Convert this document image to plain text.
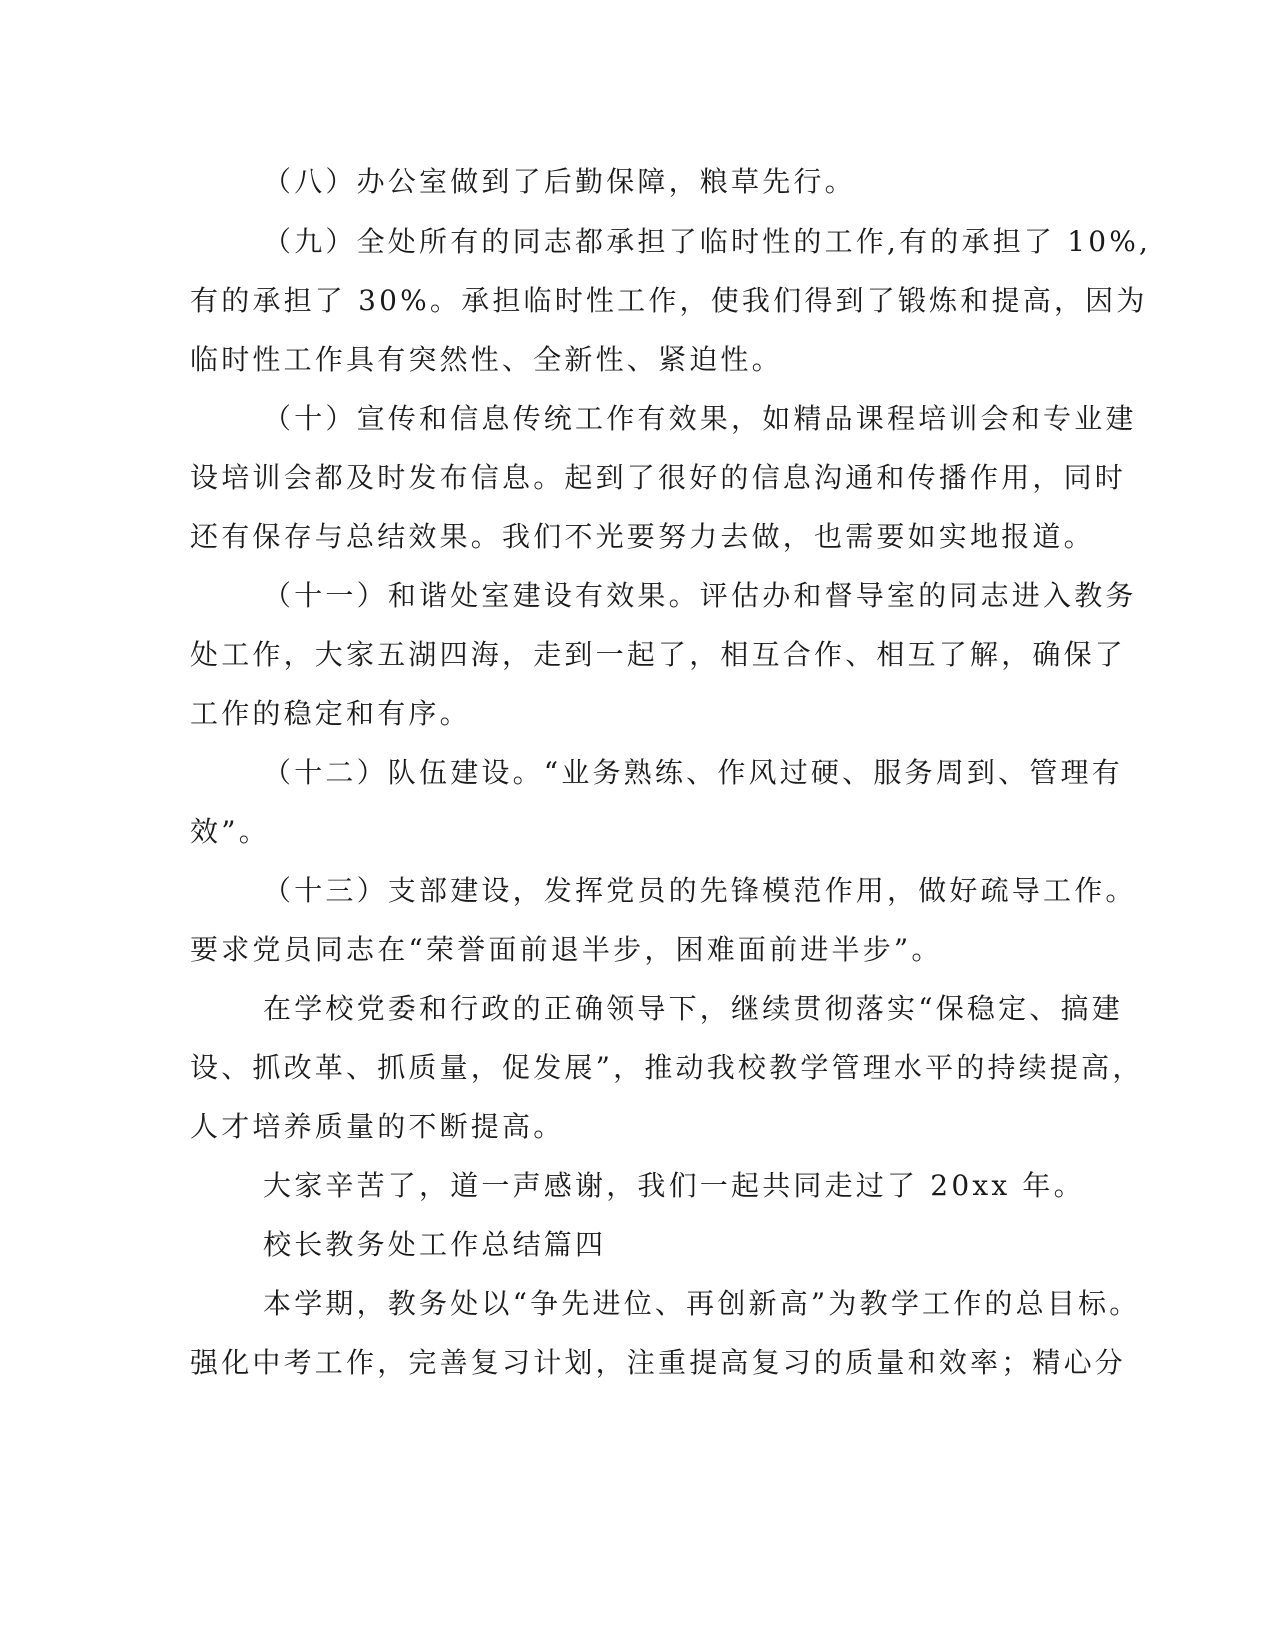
（八）办公室做到了后勤保障，粮草先行。
（九）全处所有的同志都承担了临时性的工作,有的承担了 10%,
有的承担了 30%。承担临时性工作，使我们得到了锻炼和提高，因为
临时性工作具有突然性、全新性、紧迫性。
（十）宣传和信息传统工作有效果，如精品课程培训会和专业建
设培训会都及时发布信息。起到了很好的信息沟通和传播作用，同时
还有保存与总结效果。我们不光要努力去做，也需要如实地报道。
（十一）和谐处室建设有效果。评估办和督导室的同志进入教务
处工作，大家五湖四海，走到一起了，相互合作、相互了解，确保了
工作的稳定和有序。
（十二）队伍建设。“业务熟练、作风过硬、服务周到、管理有
效”。
（十三）支部建设，发挥党员的先锋模范作用，做好疏导工作。
要求党员同志在“荣誉面前退半步，困难面前进半步”。
在学校党委和行政的正确领导下，继续贯彻落实“保稳定、搞建
设、抓改革、抓质量，促发展”，推动我校教学管理水平的持续提高，
人才培养质量的不断提高。
大家辛苦了，道一声感谢，我们一起共同走过了 20xx 年。
校长教务处工作总结篇四
本学期，教务处以“争先进位、再创新高”为教学工作的总目标。
强化中考工作，完善复习计划，注重提高复习的质量和效率；精心分
